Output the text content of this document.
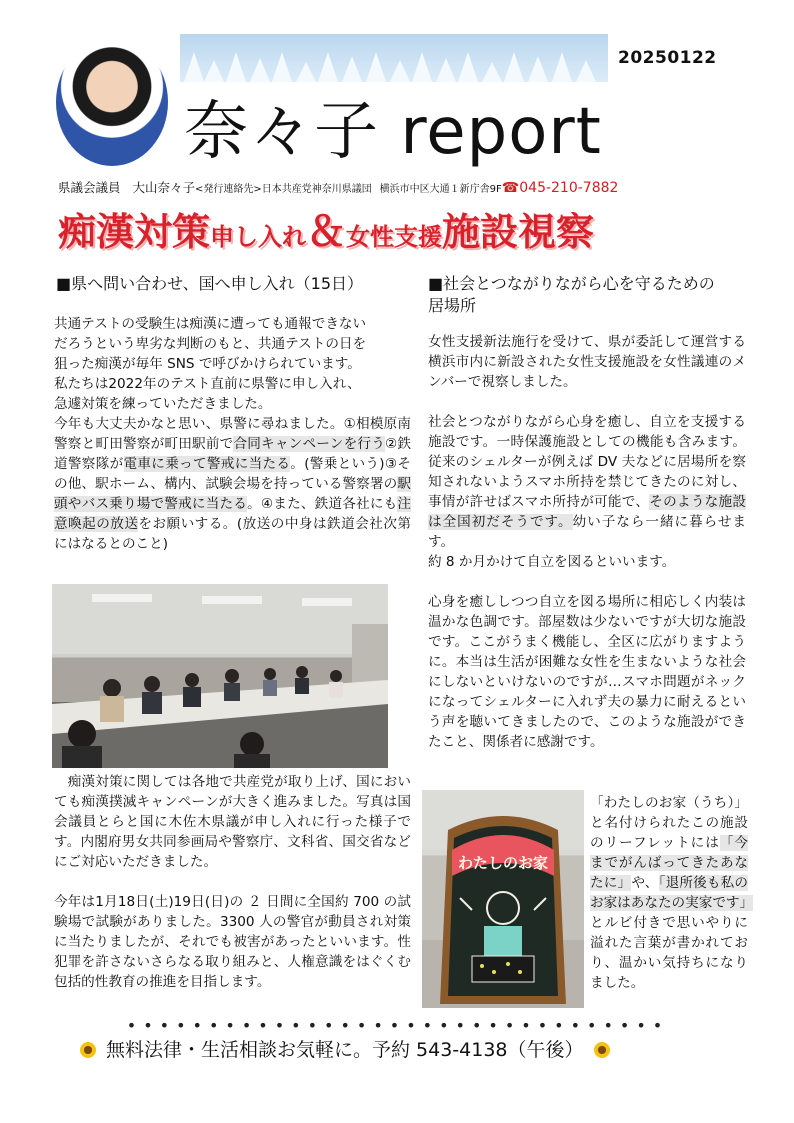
20250122
奈々子 report
県議会議員 大山奈々子<発行連絡先>日本共産党神奈川県議団 横浜市中区大通１新庁舎9F☎045-210-7882
痴漢対策申し入れ＆女性支援施設視察
■県へ問い合わせ、国へ申し入れ（15日）
共通テストの受験生は痴漢に遭っても通報できない
だろうという卑劣な判断のもと、共通テストの日を
狙った痴漢が毎年 SNS で呼びかけられています。
私たちは2022年のテスト直前に県警に申し入れ、
急遽対策を練っていただきました。
今年も大丈夫かなと思い、県警に尋ねました。①相模原南警察と町田警察が町田駅前で合同キャンペーンを行う②鉄道警察隊が電車に乗って警戒に当たる。(警乗という)③その他、駅ホーム、構内、試験会場を持っている警察署の駅頭やバス乗り場で警戒に当たる。④また、鉄道各社にも注意喚起の放送をお願いする。(放送の中身は鉄道会社次第にはなるとのこと)
　痴漢対策に関しては各地で共産党が取り上げ、国においても痴漢撲滅キャンペーンが大きく進みました。写真は国会議員とらと国に木佐木県議が申し入れに行った様子です。内閣府男女共同参画局や警察庁、文科省、国交省などにご対応いただきました。
今年は1月18日(土)19日(日)の ２ 日間に全国約 700 の試験場で試験がありました。3300 人の警官が動員され対策に当たりましたが、それでも被害があったといいます。性犯罪を許さないさらなる取り組みと、人権意識をはぐくむ包括的性教育の推進を目指します。
■社会とつながりながら心を守るための
居場所
女性支援新法施行を受けて、県が委託して運営する横浜市内に新設された女性支援施設を女性議連のメンバーで視察しました。
社会とつながりながら心身を癒し、自立を支援する施設です。一時保護施設としての機能も含みます。従来のシェルターが例えば DV 夫などに居場所を察知されないようスマホ所持を禁じてきたのに対し、事情が許せばスマホ所持が可能で、そのような施設は全国初だそうです。幼い子なら一緒に暮らせます。
約 8 か月かけて自立を図るといいます。
心身を癒ししつつ自立を図る場所に相応しく内装は温かな色調です。部屋数は少ないですが大切な施設です。ここがうまく機能し、全区に広がりますように。本当は生活が困難な女性を生まないような社会にしないといけないのですが…スマホ問題がネックになってシェルターに入れず夫の暴力に耐えるという声を聴いてきましたので、このような施設ができたこと、関係者に感謝です。
わたしのお家
「わたしのお家（うち）」と名付けられたこの施設のリーフレットには「今までがんばってきたあなたに」や、「退所後も私のお家はあなたの実家です」とルビ付きで思いやりに溢れた言葉が書かれており、温かい気持ちになりました。
•••••••••••••••••••••••••••••••••
無料法律・生活相談お気軽に。予約 543-4138（午後）
